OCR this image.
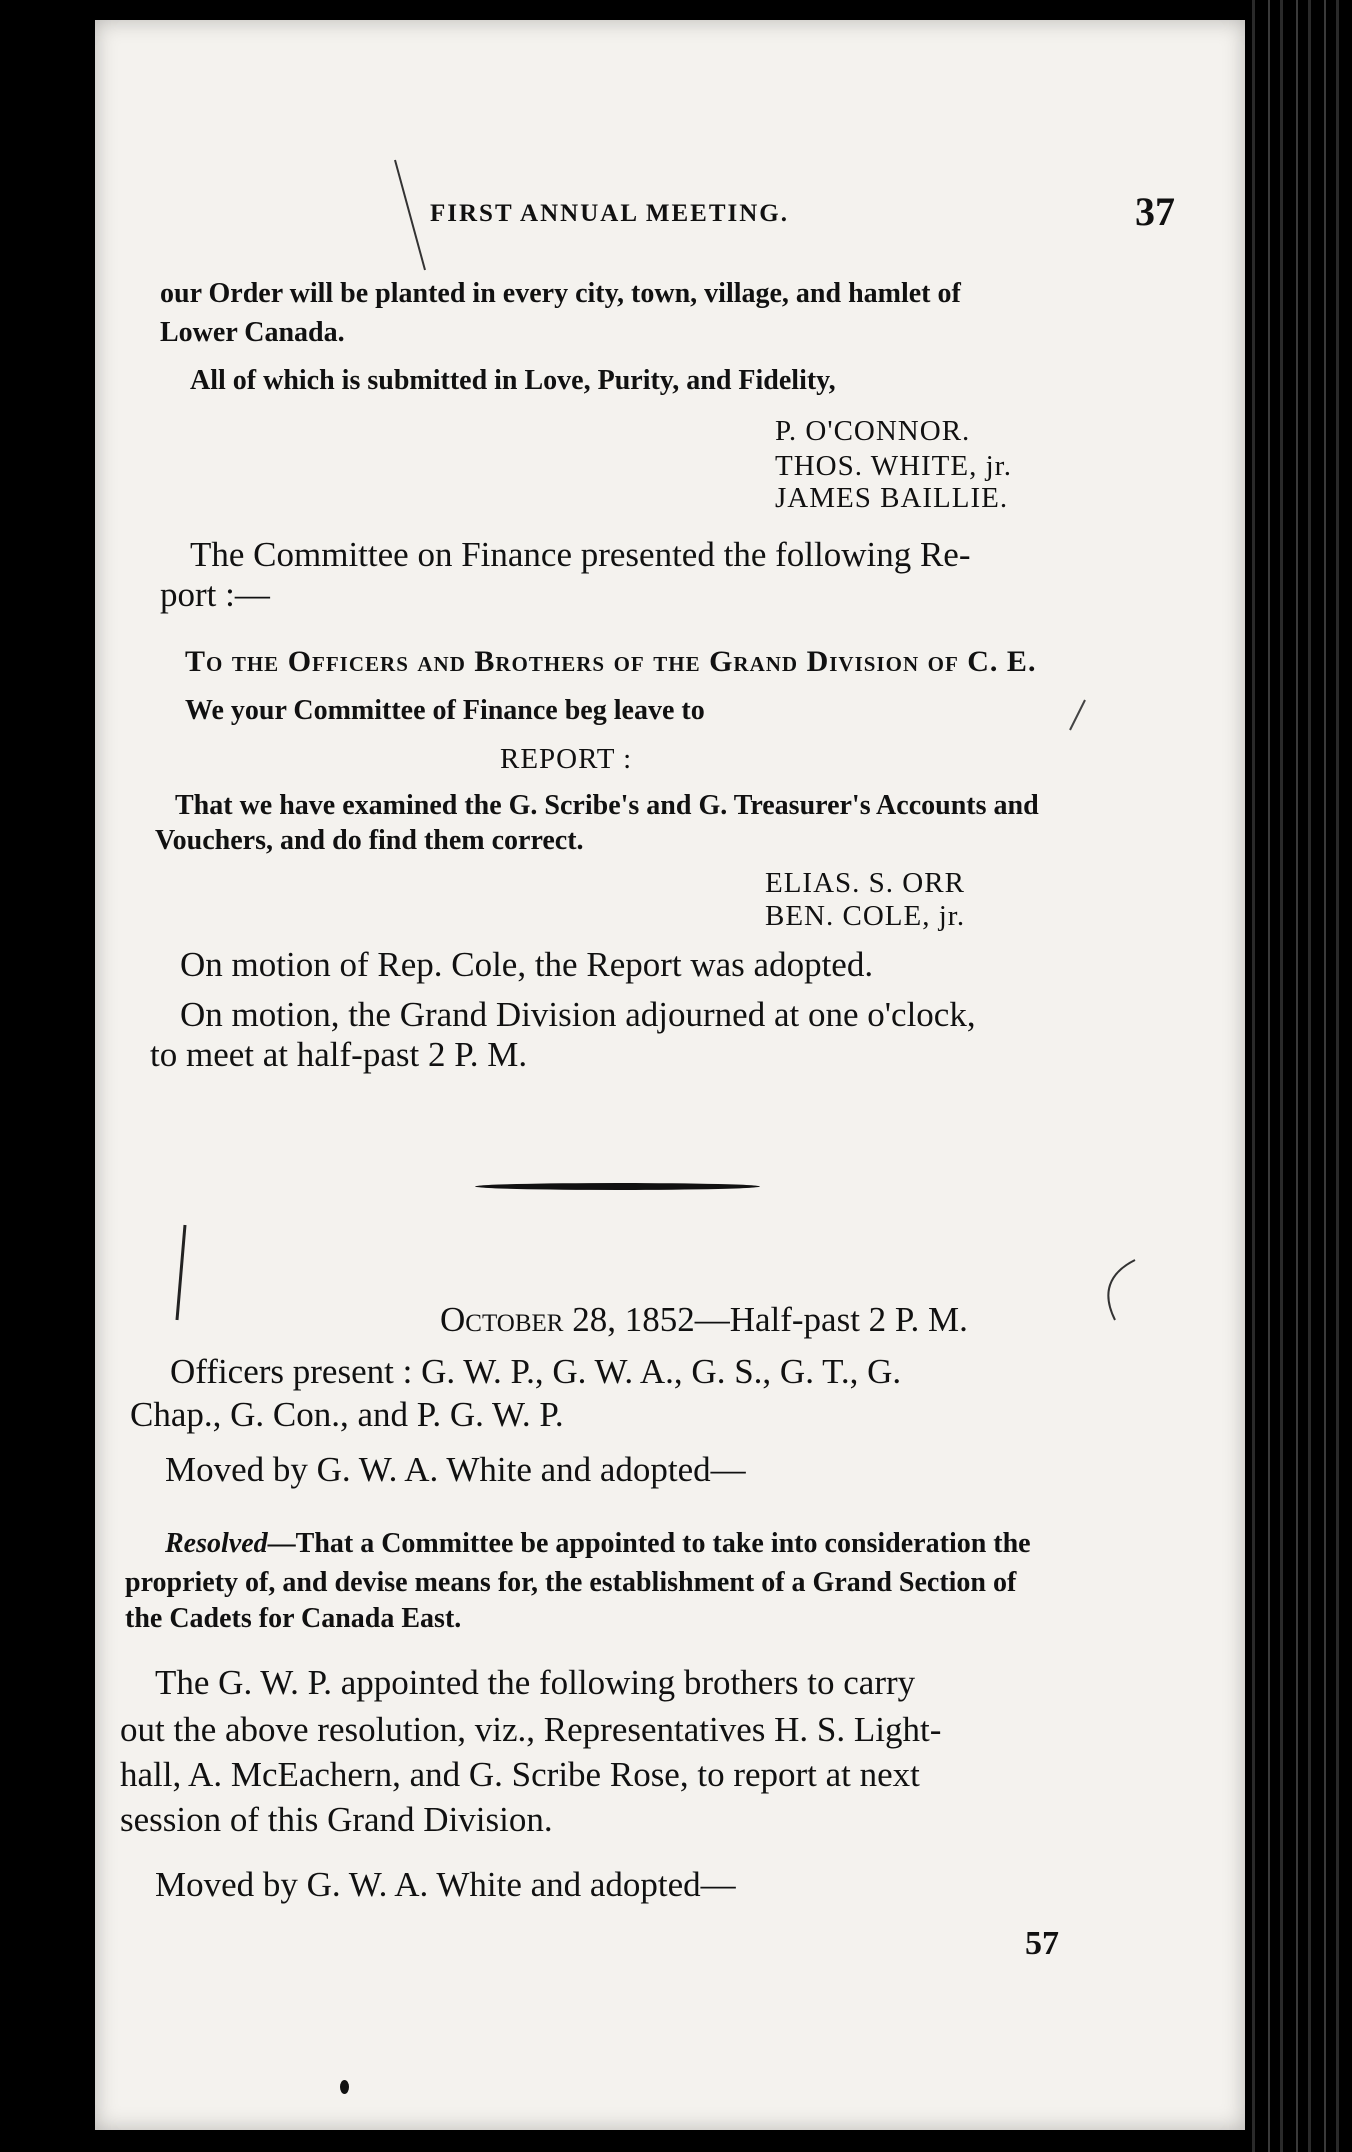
FIRST ANNUAL MEETING.	37
our Order will be planted in every city, town, village, and hamlet of
Lower Canada.
All of which is submitted in Love, Purity, and Fidelity,
P. O'CONNOR.
THOS. WHITE, jr.
JAMES BAILLIE.
The Committee on Finance presented the following Re-
port :—
To the Officers and Brothers of the Grand Division of C. E.
We your Committee of Finance beg leave to
REPORT :
That we have examined the G. Scribe's and G. Treasurer's Accounts and
Vouchers, and do find them correct.
ELIAS. S. ORR
BEN. COLE, jr.
On motion of Rep. Cole, the Report was adopted.
On motion, the Grand Division adjourned at one o'clock,
to meet at half-past 2 P. M.
October 28, 1852—Half-past 2 P. M.
Officers present : G. W. P., G. W. A., G. S., G. T., G.
Chap., G. Con., and P. G. W. P.
Moved by G. W. A. White and adopted—
Resolved—That a Committee be appointed to take into consideration the
propriety of, and devise means for, the establishment of a Grand Section of
the Cadets for Canada East.
The G. W. P. appointed the following brothers to carry
out the above resolution, viz., Representatives H. S. Light-
hall, A. McEachern, and G. Scribe Rose, to report at next
session of this Grand Division.
Moved by G. W. A. White and adopted—
57
